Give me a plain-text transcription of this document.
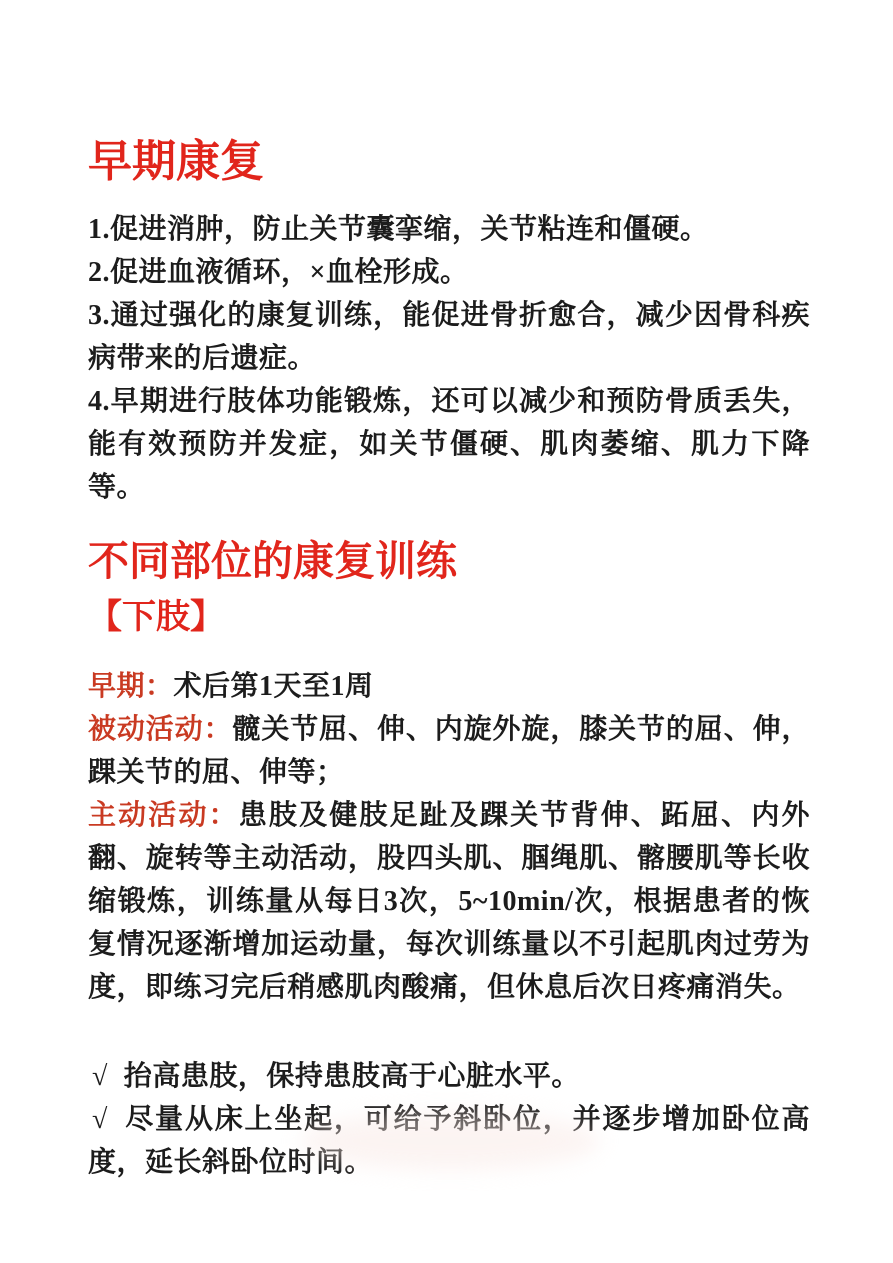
早期康复

1.促进消肿，防止关节囊挛缩，关节粘连和僵硬。

2.促进血液循环，×血栓形成。

3.通过强化的康复训练，能促进骨折愈合，减少因骨科疾病带来的后遗症。

4.早期进行肢体功能锻炼，还可以减少和预防骨质丢失，能有效预防并发症，如关节僵硬、肌肉萎缩、肌力下降等。

不同部位的康复训练
【下肢】

早期：术后第1天至1周

被动活动：髋关节屈、伸、内旋外旋，膝关节的屈、伸，踝关节的屈、伸等；

主动活动：患肢及健肢足趾及踝关节背伸、跖屈、内外翻、旋转等主动活动，股四头肌、腘绳肌、髂腰肌等长收缩锻炼，训练量从每日3次，5~10min/次，根据患者的恢复情况逐渐增加运动量，每次训练量以不引起肌肉过劳为度，即练习完后稍感肌肉酸痛，但休息后次日疼痛消失。

√ 抬高患肢，保持患肢高于心脏水平。

√ 尽量从床上坐起，可给予斜卧位，并逐步增加卧位高度，延长斜卧位时间。
